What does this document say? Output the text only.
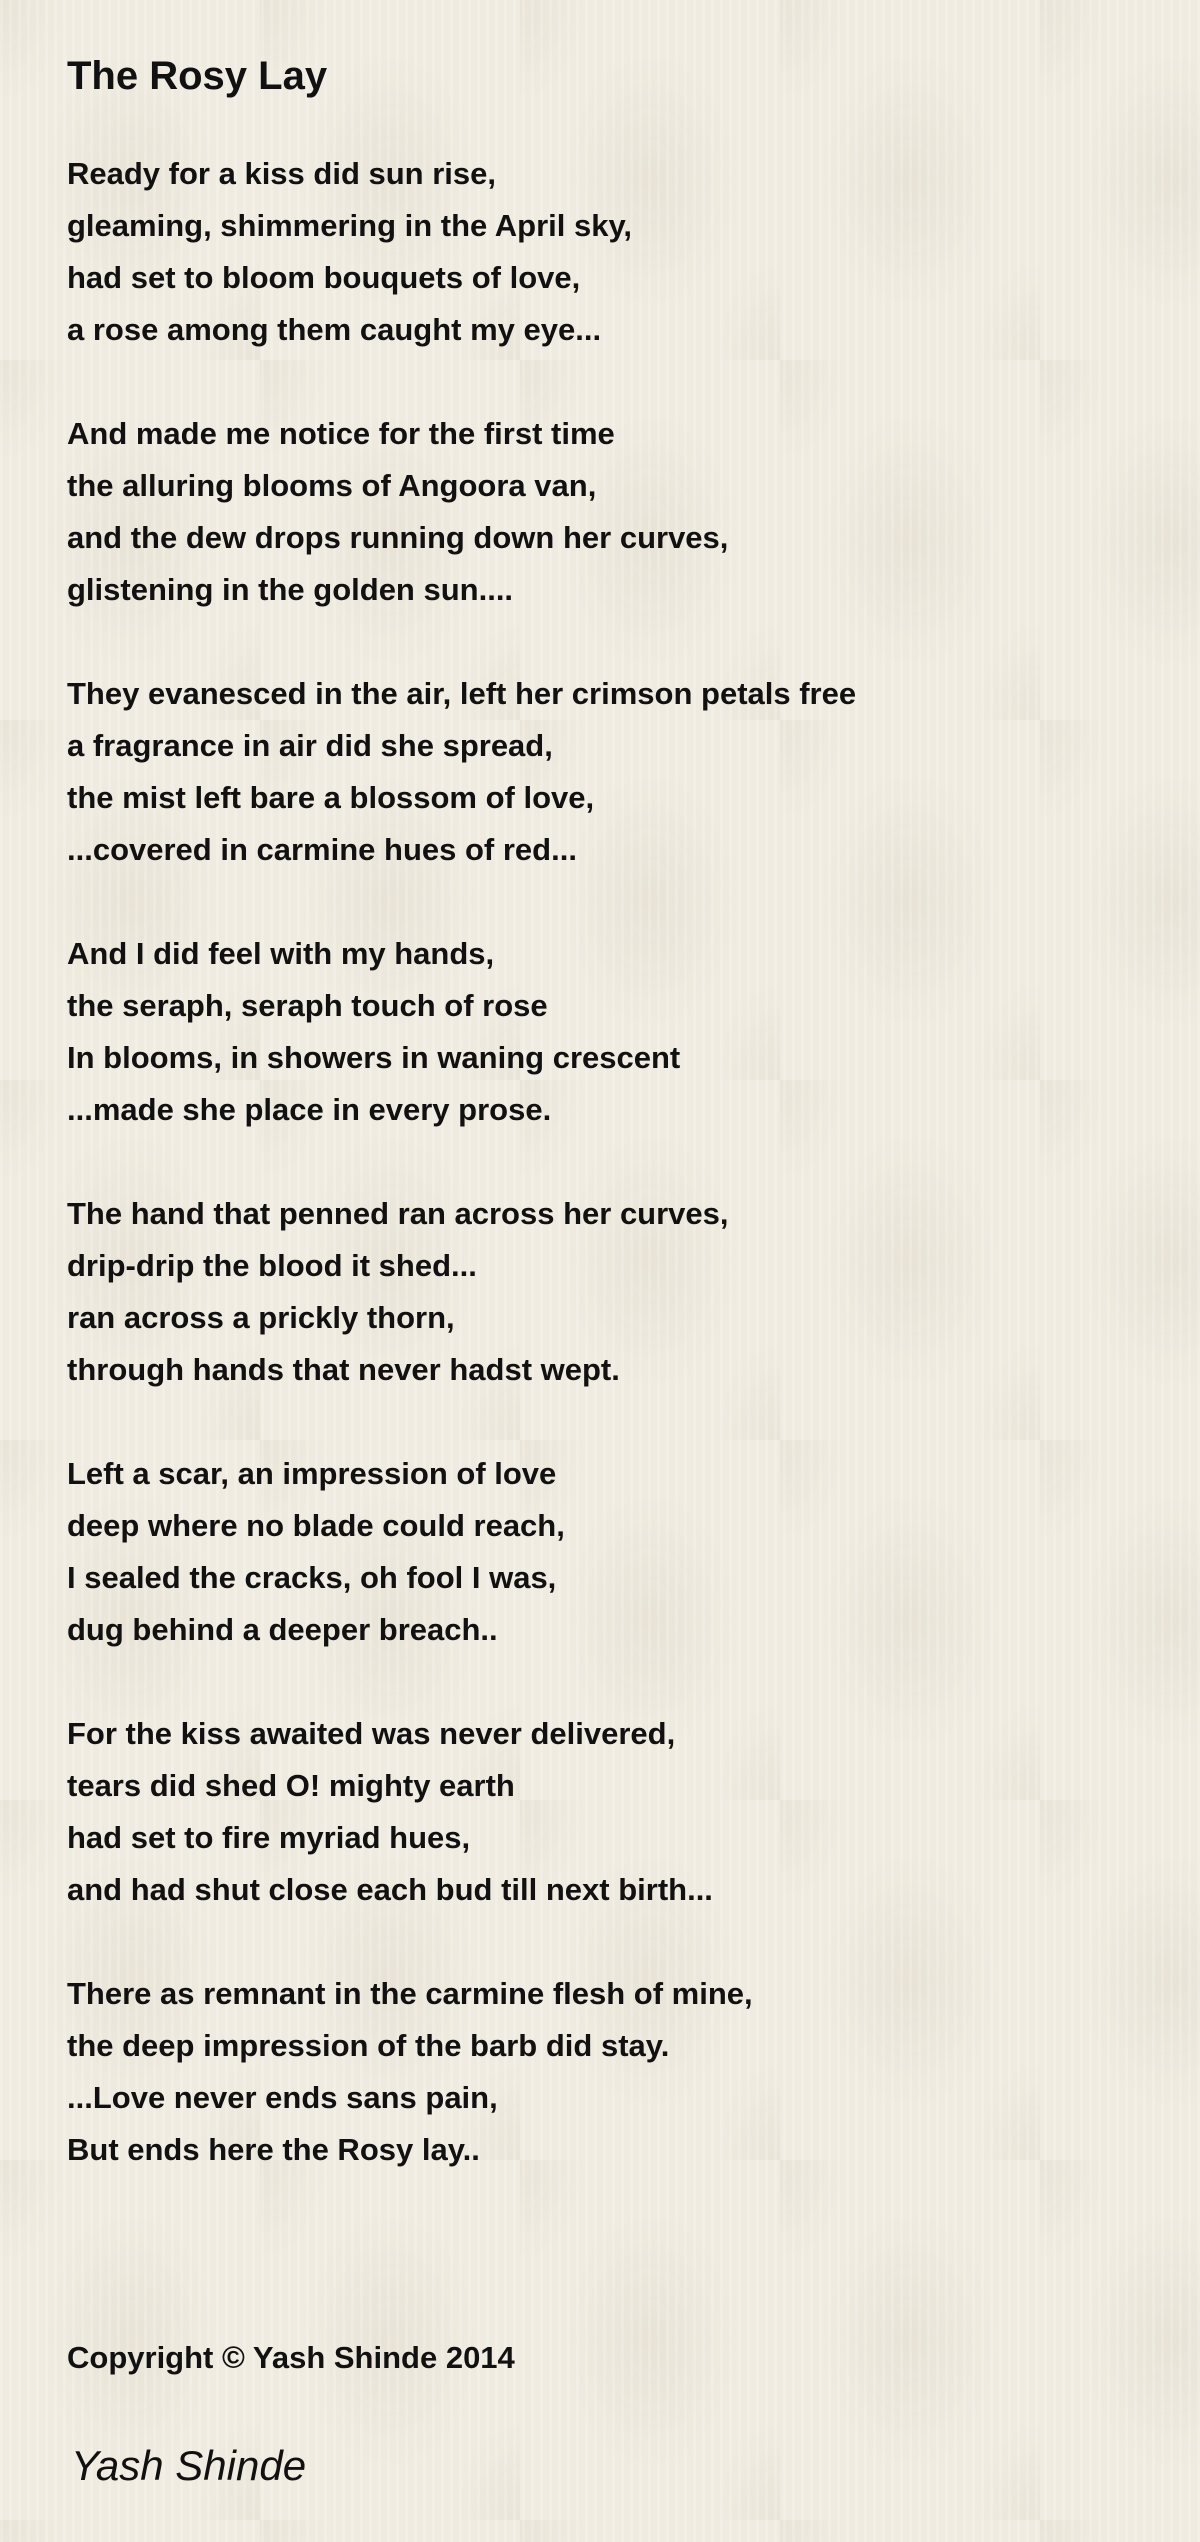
The Rosy Lay
Ready for a kiss did sun rise,
gleaming, shimmering in the April sky,
had set to bloom bouquets of love,
a rose among them caught my eye...
And made me notice for the first time
the alluring blooms of Angoora van,
and the dew drops running down her curves,
glistening in the golden sun....
They evanesced in the air, left her crimson petals free
a fragrance in air did she spread,
the mist left bare a blossom of love,
...covered in carmine hues of red...
And I did feel with my hands,
the seraph, seraph touch of rose
In blooms, in showers in waning crescent
...made she place in every prose.
The hand that penned ran across her curves,
drip-drip the blood it shed...
ran across a prickly thorn,
through hands that never hadst wept.
Left a scar, an impression of love
deep where no blade could reach,
I sealed the cracks, oh fool I was,
dug behind a deeper breach..
For the kiss awaited was never delivered,
tears did shed O! mighty earth
had set to fire myriad hues,
and had shut close each bud till next birth...
There as remnant in the carmine flesh of mine,
the deep impression of the barb did stay.
...Love never ends sans pain,
But ends here the Rosy lay..
Copyright © Yash Shinde 2014
Yash Shinde
